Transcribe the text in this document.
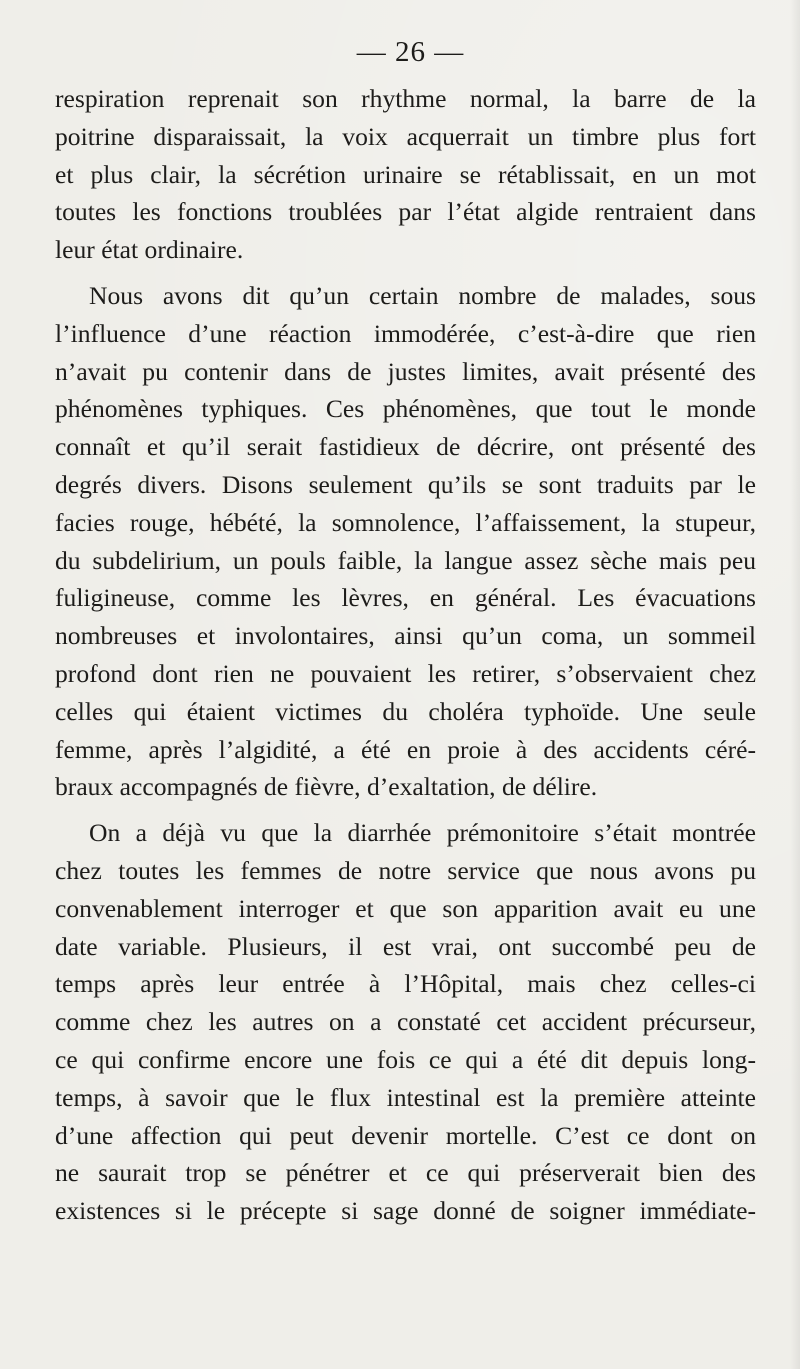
— 26 —

respiration reprenait son rhythme normal, la barre de la
poitrine disparaissait, la voix acquerrait un timbre plus fort
et plus clair, la sécrétion urinaire se rétablissait, en un mot
toutes les fonctions troublées par l’état algide rentraient dans
leur état ordinaire.

Nous avons dit qu’un certain nombre de malades, sous
l’influence d’une réaction immodérée, c’est-à-dire que rien
n’avait pu contenir dans de justes limites, avait présenté des
phénomènes typhiques. Ces phénomènes, que tout le monde
connaît et qu’il serait fastidieux de décrire, ont présenté des
degrés divers. Disons seulement qu’ils se sont traduits par le
facies rouge, hébété, la somnolence, l’affaissement, la stupeur,
du subdelirium, un pouls faible, la langue assez sèche mais peu
fuligineuse, comme les lèvres, en général. Les évacuations
nombreuses et involontaires, ainsi qu’un coma, un sommeil
profond dont rien ne pouvaient les retirer, s’observaient chez
celles qui étaient victimes du choléra typhoïde. Une seule
femme, après l’algidité, a été en proie à des accidents céré-
braux accompagnés de fièvre, d’exaltation, de délire.

On a déjà vu que la diarrhée prémonitoire s’était montrée
chez toutes les femmes de notre service que nous avons pu
convenablement interroger et que son apparition avait eu une
date variable. Plusieurs, il est vrai, ont succombé peu de
temps après leur entrée à l’Hôpital, mais chez celles-ci
comme chez les autres on a constaté cet accident précurseur,
ce qui confirme encore une fois ce qui a été dit depuis long-
temps, à savoir que le flux intestinal est la première atteinte
d’une affection qui peut devenir mortelle. C’est ce dont on
ne saurait trop se pénétrer et ce qui préserverait bien des
existences si le précepte si sage donné de soigner immédiate-
